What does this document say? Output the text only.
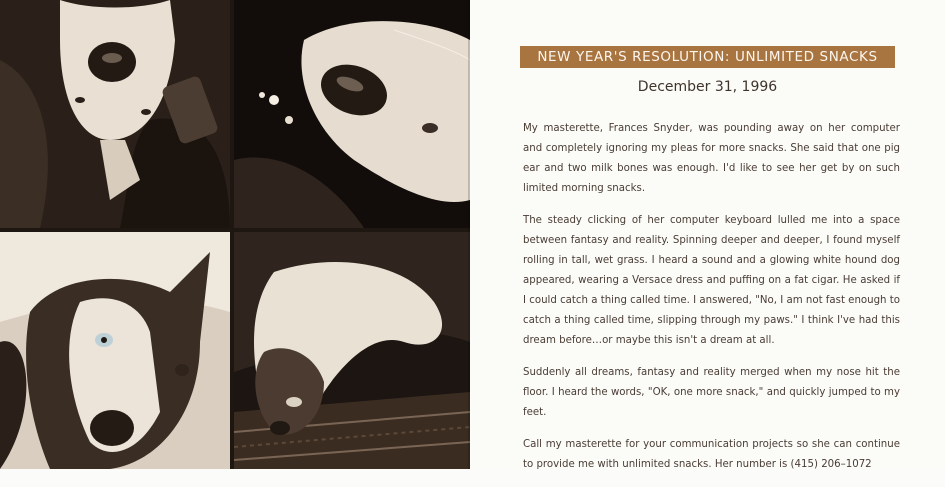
NEW YEAR'S RESOLUTION: UNLIMITED SNACKS
December 31, 1996

My masterette, Frances Snyder, was pounding away on her computer and completely ignoring my pleas for more snacks. She said that one pig ear and two milk bones was enough. I'd like to see her get by on such limited morning snacks.

The steady clicking of her computer keyboard lulled me into a space between fantasy and reality. Spinning deeper and deeper, I found myself rolling in tall, wet grass. I heard a sound and a glowing white hound dog appeared, wearing a Versace dress and puffing on a fat cigar. He asked if I could catch a thing called time. I answered, "No, I am not fast enough to catch a thing called time, slipping through my paws." I think I've had this dream before…or maybe this isn't a dream at all.

Suddenly all dreams, fantasy and reality merged when my nose hit the floor. I heard the words, "OK, one more snack," and quickly jumped to my feet.

Call my masterette for your communication projects so she can continue to provide me with unlimited snacks. Her number is (415) 206–1072
